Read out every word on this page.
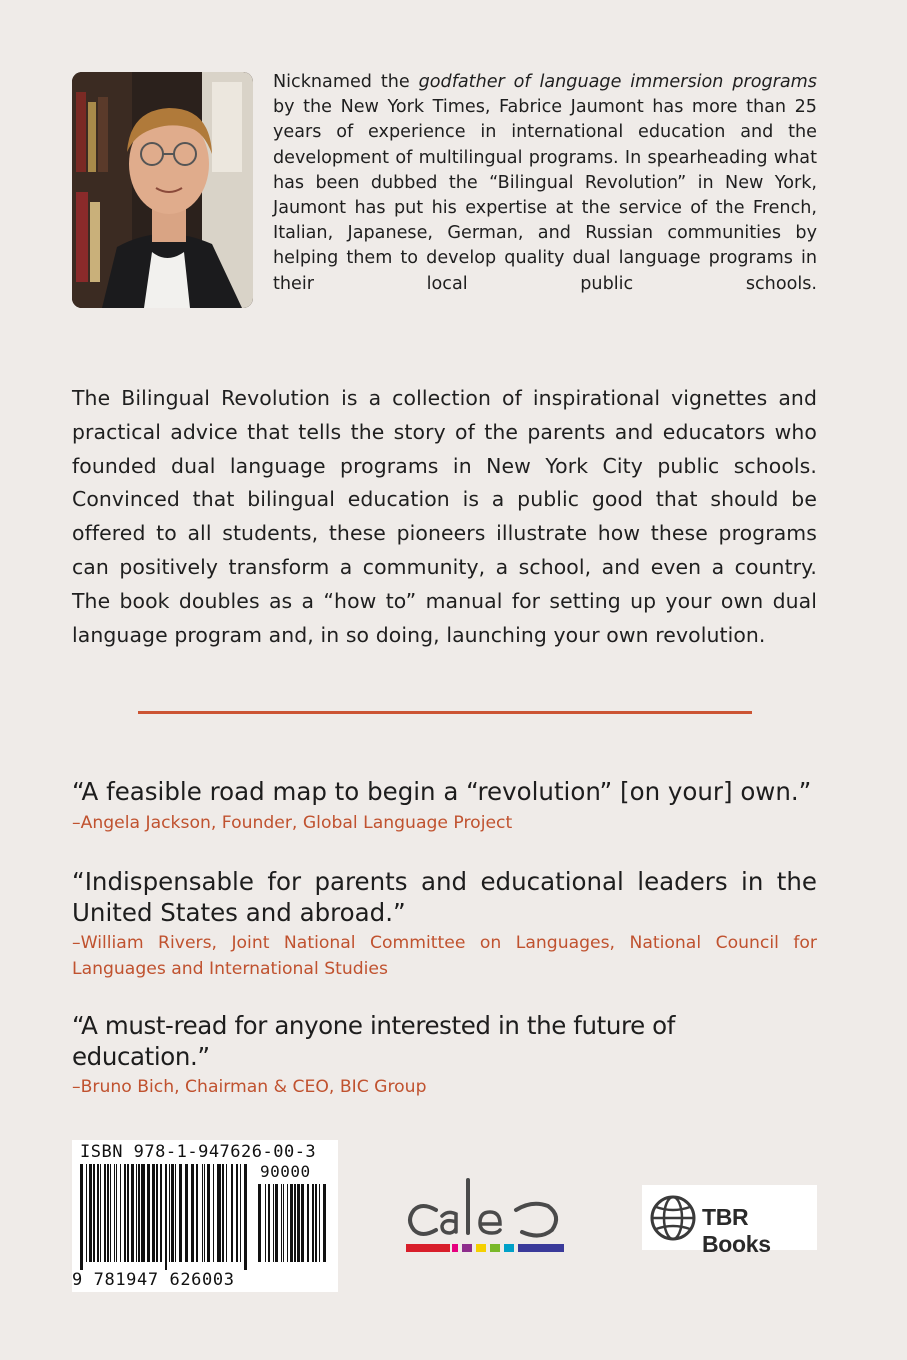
Nicknamed the godfather of language immersion programs by the New York Times, Fabrice Jaumont has more than 25 years of experience in international education and the development of multilingual programs. In spearheading what has been dubbed the “Bilingual Revolution” in New York, Jaumont has put his expertise at the service of the French, Italian, Japanese, German, and Russian communities by helping them to develop quality dual language programs in their local public schools.

The Bilingual Revolution is a collection of inspirational vignettes and practical advice that tells the story of the parents and educators who founded dual language programs in New York City public schools. Convinced that bilingual education is a public good that should be offered to all students, these pioneers illustrate how these programs can positively transform a community, a school, and even a country. The book doubles as a “how to” manual for setting up your own dual language program and, in so doing, launching your own revolution.

“A feasible road map to begin a “revolution” [on your] own.”

–Angela Jackson, Founder, Global Language Project

“Indispensable for parents and educational leaders in the United States and abroad.”

–William Rivers, Joint National Committee on Languages, National Council for Languages and International Studies

“A must-read for anyone interested in the future of education.”

–Bruno Bich, Chairman & CEO, BIC Group

ISBN 978-1-947626-00-3
90000
9 781947 626003
TBR Books
